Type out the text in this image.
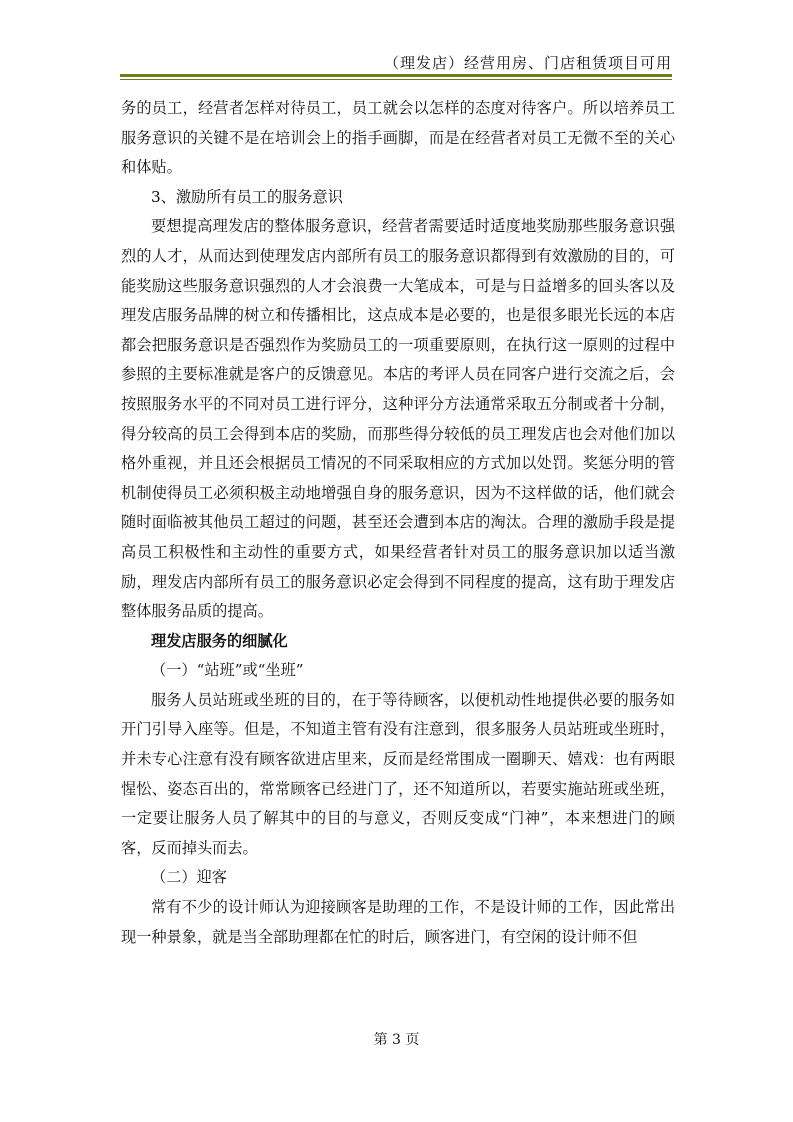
（理发店）经营用房、门店租赁项目可用

务的员工，经营者怎样对待员工，员工就会以怎样的态度对待客户。所以培养员工服务意识的关键不是在培训会上的指手画脚，而是在经营者对员工无微不至的关心和体贴。

3、激励所有员工的服务意识

要想提高理发店的整体服务意识，经营者需要适时适度地奖励那些服务意识强烈的人才，从而达到使理发店内部所有员工的服务意识都得到有效激励的目的，可能奖励这些服务意识强烈的人才会浪费一大笔成本，可是与日益增多的回头客以及理发店服务品牌的树立和传播相比，这点成本是必要的，也是很多眼光长远的本店都会把服务意识是否强烈作为奖励员工的一项重要原则，在执行这一原则的过程中参照的主要标准就是客户的反馈意见。本店的考评人员在同客户进行交流之后，会按照服务水平的不同对员工进行评分，这种评分方法通常采取五分制或者十分制，得分较高的员工会得到本店的奖励，而那些得分较低的员工理发店也会对他们加以格外重视，并且还会根据员工情况的不同采取相应的方式加以处罚。奖惩分明的管机制使得员工必须积极主动地增强自身的服务意识，因为不这样做的话，他们就会随时面临被其他员工超过的问题，甚至还会遭到本店的淘汰。合理的激励手段是提高员工积极性和主动性的重要方式，如果经营者针对员工的服务意识加以适当激励，理发店内部所有员工的服务意识必定会得到不同程度的提高，这有助于理发店整体服务品质的提高。

理发店服务的细腻化

（一）“站班”或“坐班”

服务人员站班或坐班的目的，在于等待顾客，以便机动性地提供必要的服务如开门引导入座等。但是，不知道主管有没有注意到，很多服务人员站班或坐班时，并未专心注意有没有顾客欲进店里来，反而是经常围成一圈聊天、嬉戏：也有两眼惺忪、姿态百出的，常常顾客已经进门了，还不知道所以，若要实施站班或坐班，一定要让服务人员了解其中的目的与意义，否则反变成“门神”，本来想进门的顾客，反而掉头而去。

（二）迎客

常有不少的设计师认为迎接顾客是助理的工作，不是设计师的工作，因此常出现一种景象，就是当全部助理都在忙的时后，顾客进门，有空闲的设计师不但

第 3 页
